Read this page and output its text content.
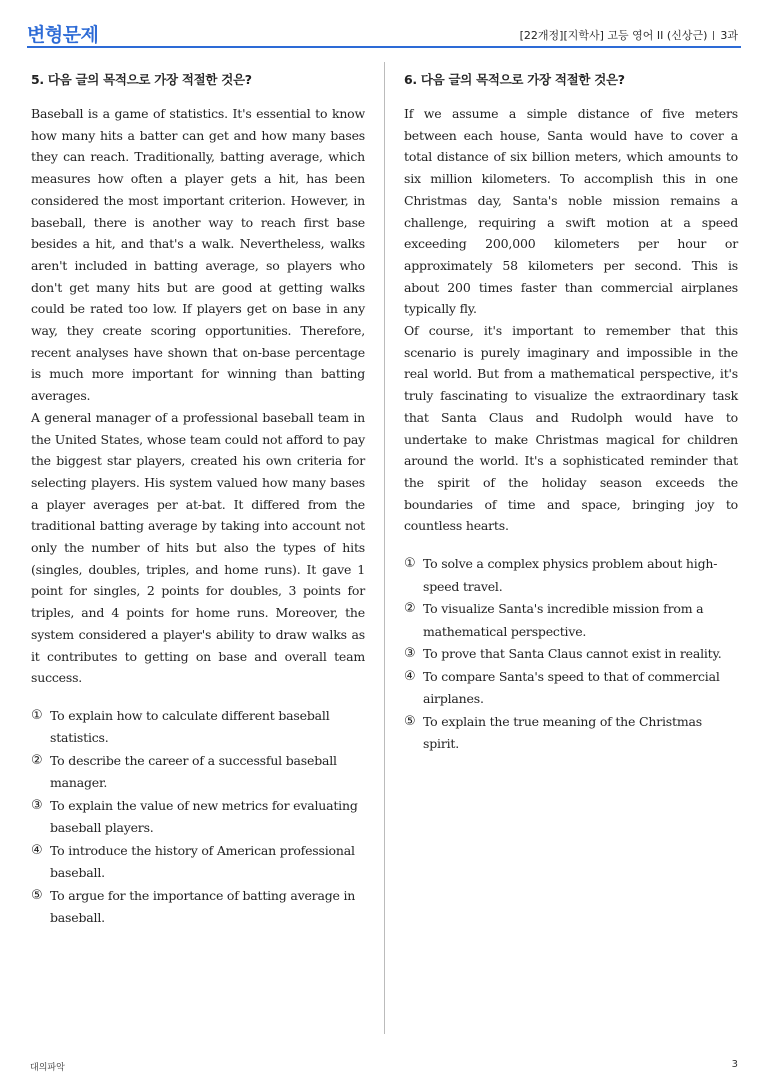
변형문제	[22개정][지학사] 고등 영어 II (신상근) 3과
5. 다음 글의 목적으로 가장 적절한 것은?

Baseball is a game of statistics. It's essential to know how many hits a batter can get and how many bases they can reach. Traditionally, batting average, which measures how often a player gets a hit, has been considered the most important criterion. However, in baseball, there is another way to reach first base besides a hit, and that's a walk. Nevertheless, walks aren't included in batting average, so players who don't get many hits but are good at getting walks could be rated too low. If players get on base in any way, they create scoring opportunities. Therefore, recent analyses have shown that on-base percentage is much more important for winning than batting averages.

A general manager of a professional baseball team in the United States, whose team could not afford to pay the biggest star players, created his own criteria for selecting players. His system valued how many bases a player averages per at-bat. It differed from the traditional batting average by taking into account not only the number of hits but also the types of hits (singles, doubles, triples, and home runs). It gave 1 point for singles, 2 points for doubles, 3 points for triples, and 4 points for home runs. Moreover, the system considered a player's ability to draw walks as it contributes to getting on base and overall team success.

① To explain how to calculate different baseball statistics.
② To describe the career of a successful baseball manager.
③ To explain the value of new metrics for evaluating baseball players.
④ To introduce the history of American professional baseball.
⑤ To argue for the importance of batting average in baseball.
6. 다음 글의 목적으로 가장 적절한 것은?

If we assume a simple distance of five meters between each house, Santa would have to cover a total distance of six billion meters, which amounts to six million kilometers. To accomplish this in one Christmas day, Santa's noble mission remains a challenge, requiring a swift motion at a speed exceeding 200,000 kilometers per hour or approximately 58 kilometers per second. This is about 200 times faster than commercial airplanes typically fly.

Of course, it's important to remember that this scenario is purely imaginary and impossible in the real world. But from a mathematical perspective, it's truly fascinating to visualize the extraordinary task that Santa Claus and Rudolph would have to undertake to make Christmas magical for children around the world. It's a sophisticated reminder that the spirit of the holiday season exceeds the boundaries of time and space, bringing joy to countless hearts.

① To solve a complex physics problem about high-speed travel.
② To visualize Santa's incredible mission from a mathematical perspective.
③ To prove that Santa Claus cannot exist in reality.
④ To compare Santa's speed to that of commercial airplanes.
⑤ To explain the true meaning of the Christmas spirit.
대의파악	3
